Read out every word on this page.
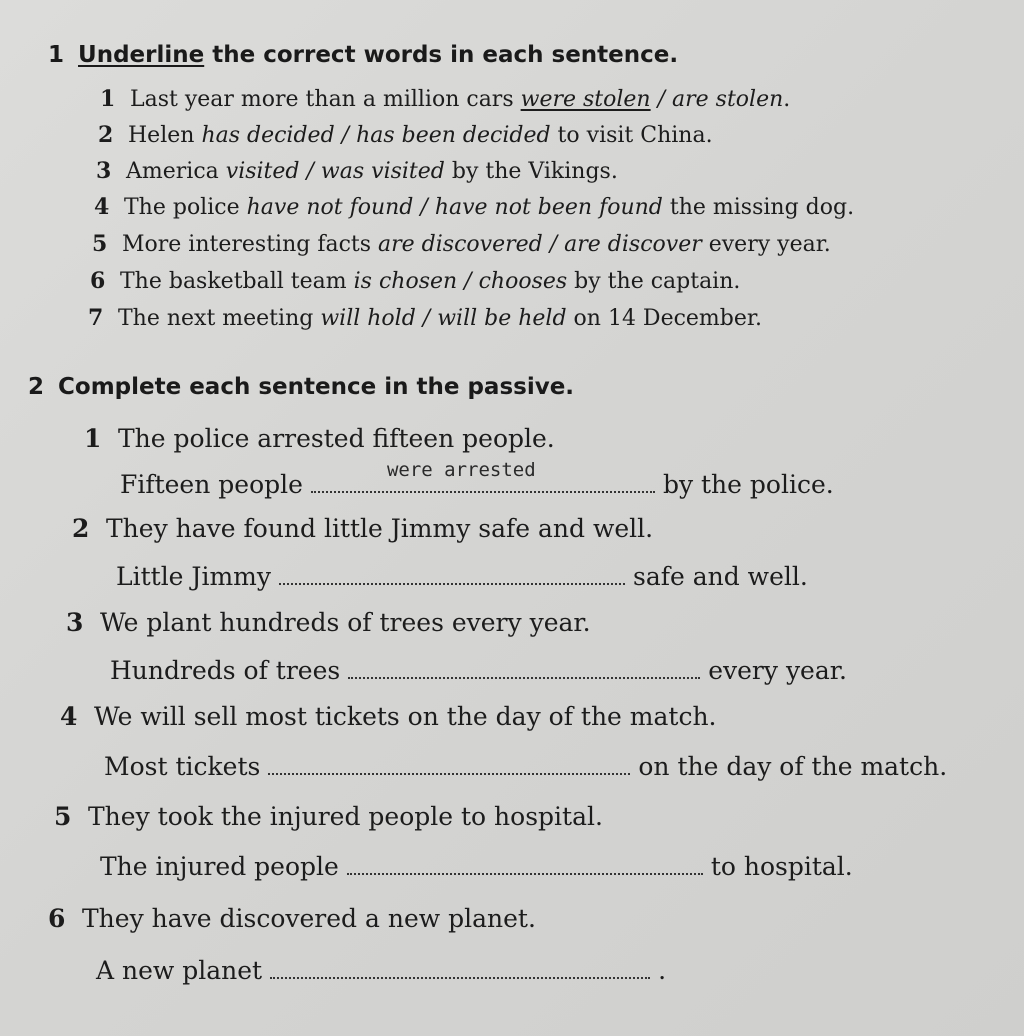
1 Underline the correct words in each sentence.
1 Last year more than a million cars were stolen / are stolen.
2 Helen has decided / has been decided to visit China.
3 America visited / was visited by the Vikings.
4 The police have not found / have not been found the missing dog.
5 More interesting facts are discovered / are discover every year.
6 The basketball team is chosen / chooses by the captain.
7 The next meeting will hold / will be held on 14 December.
2 Complete each sentence in the passive.
1 The police arrested fifteen people.
Fifteen people	were arrested	by the police.
2 They have found little Jimmy safe and well.
Little Jimmy	safe and well.
3 We plant hundreds of trees every year.
Hundreds of trees	every year.
4 We will sell most tickets on the day of the match.
Most tickets	on the day of the match.
5 They took the injured people to hospital.
The injured people	to hospital.
6 They have discovered a new planet.
A new planet	.
